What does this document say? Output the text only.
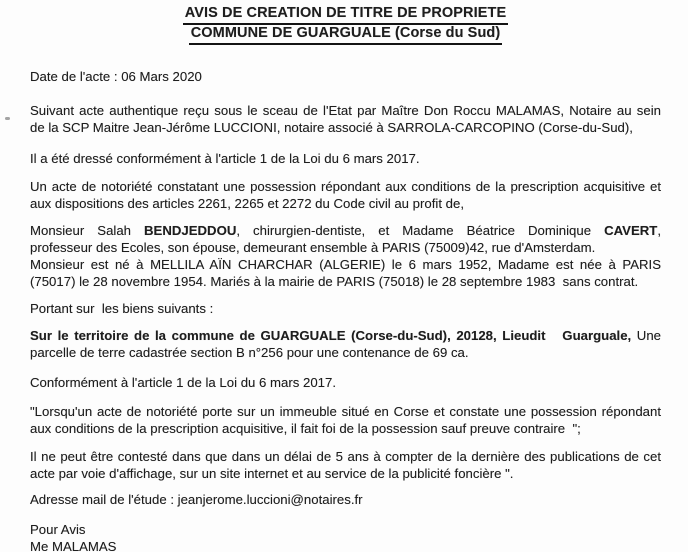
AVIS DE CREATION DE TITRE DE PROPRIETE
COMMUNE DE GUARGUALE (Corse du Sud)
Date de l'acte : 06 Mars 2020
Suivant acte authentique reçu sous le sceau de l'Etat par Maître Don Roccu MALAMAS, Notaire au sein
de la SCP Maitre Jean-Jérôme LUCCIONI, notaire associé à SARROLA-CARCOPINO (Corse-du-Sud),
Il a été dressé conformément à l'article 1 de la Loi du 6 mars 2017.
Un acte de notoriété constatant une possession répondant aux conditions de la prescription acquisitive et
aux dispositions des articles 2261, 2265 et 2272 du Code civil au profit de,
Monsieur Salah BENDJEDDOU, chirurgien-dentiste, et Madame Béatrice Dominique CAVERT,
professeur des Ecoles, son épouse, demeurant ensemble à PARIS (75009)42, rue d'Amsterdam.
Monsieur est né à MELLILA AÏN CHARCHAR (ALGERIE) le 6 mars 1952, Madame est née à PARIS
(75017) le 28 novembre 1954. Mariés à la mairie de PARIS (75018) le 28 septembre 1983  sans contrat.
Portant sur  les biens suivants :
Sur le territoire de la commune de GUARGUALE (Corse-du-Sud), 20128, Lieudit   Guarguale, Une
parcelle de terre cadastrée section B n°256 pour une contenance de 69 ca.
Conformément à l'article 1 de la Loi du 6 mars 2017.
"Lorsqu'un acte de notoriété porte sur un immeuble situé en Corse et constate une possession répondant
aux conditions de la prescription acquisitive, il fait foi de la possession sauf preuve contraire  ";
Il ne peut être contesté dans que dans un délai de 5 ans à compter de la dernière des publications de cet
acte par voie d'affichage, sur un site internet et au service de la publicité foncière ".
Adresse mail de l'étude : jeanjerome.luccioni@notaires.fr
Pour Avis
Me MALAMAS
